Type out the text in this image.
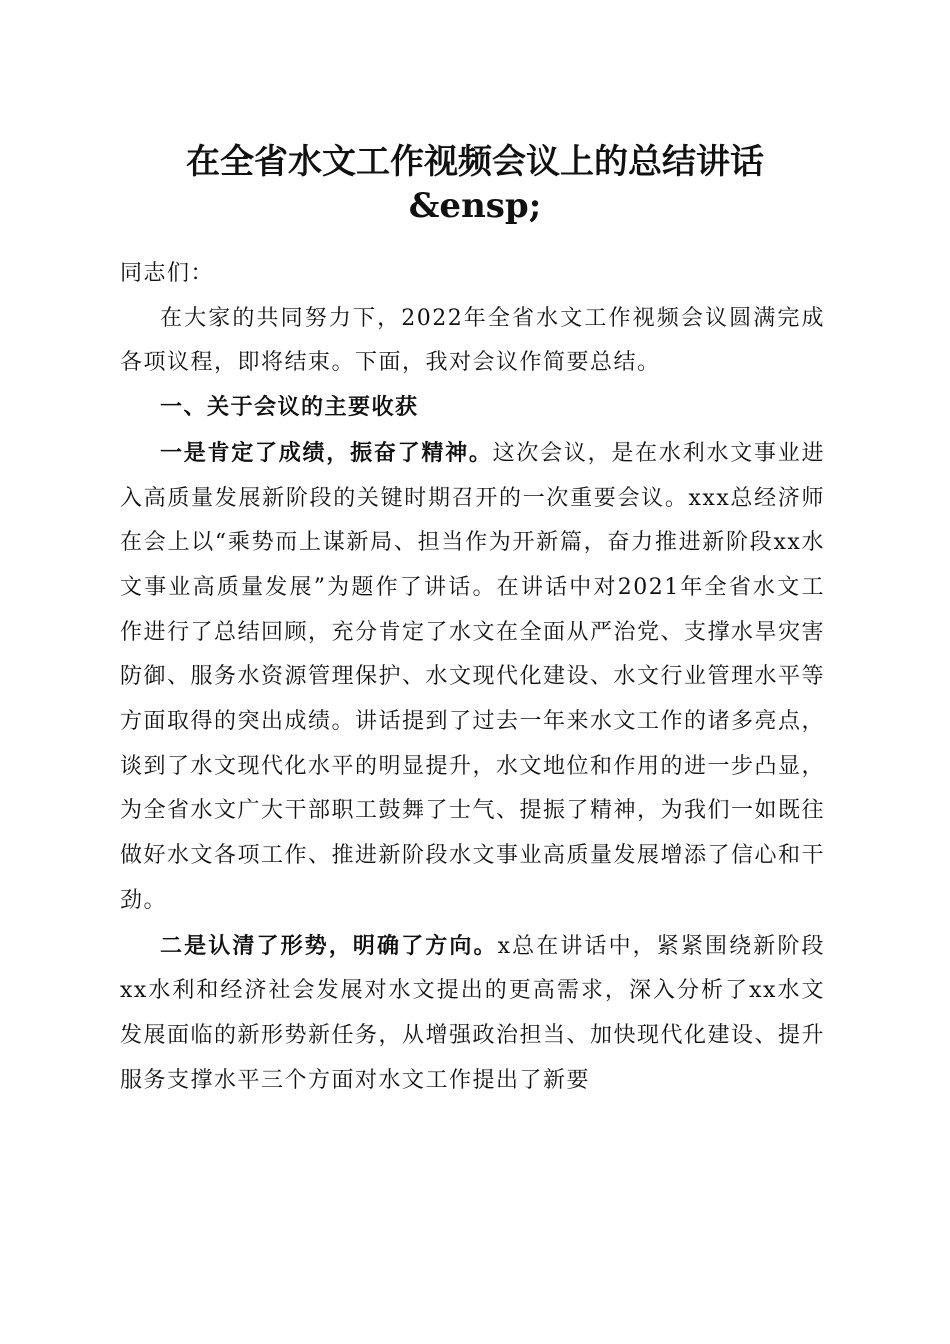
在全省水文工作视频会议上的总结讲话
&ensp;

同志们：

在大家的共同努力下，2022年全省水文工作视频会议圆满完成各项议程，即将结束。下面，我对会议作简要总结。

一、关于会议的主要收获

一是肯定了成绩，振奋了精神。这次会议，是在水利水文事业进入高质量发展新阶段的关键时期召开的一次重要会议。xxx总经济师在会上以“乘势而上谋新局、担当作为开新篇，奋力推进新阶段xx水文事业高质量发展”为题作了讲话。在讲话中对2021年全省水文工作进行了总结回顾，充分肯定了水文在全面从严治党、支撑水旱灾害防御、服务水资源管理保护、水文现代化建设、水文行业管理水平等方面取得的突出成绩。讲话提到了过去一年来水文工作的诸多亮点，谈到了水文现代化水平的明显提升，水文地位和作用的进一步凸显，为全省水文广大干部职工鼓舞了士气、提振了精神，为我们一如既往做好水文各项工作、推进新阶段水文事业高质量发展增添了信心和干劲。

二是认清了形势，明确了方向。x总在讲话中，紧紧围绕新阶段xx水利和经济社会发展对水文提出的更高需求，深入分析了xx水文发展面临的新形势新任务，从增强政治担当、加快现代化建设、提升服务支撑水平三个方面对水文工作提出了新要
